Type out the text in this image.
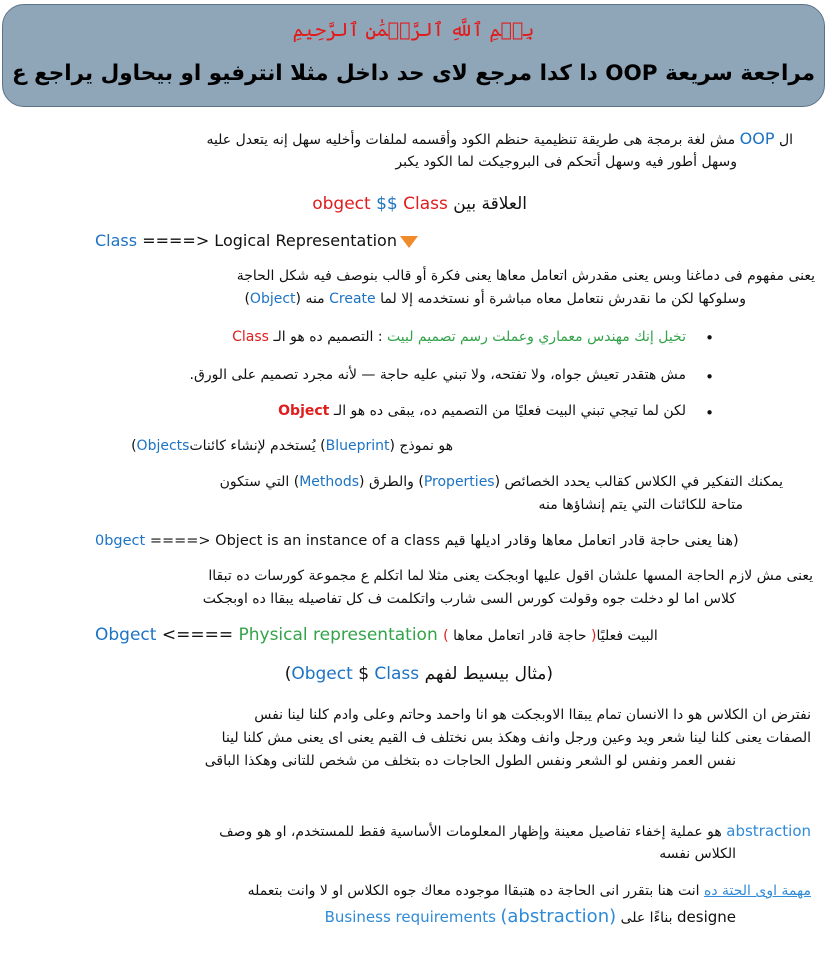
بِسۡمِ ٱللَّهِ ٱلرَّحۡمَٰنِ ٱلرَّحِيمِ
دا كدا مرجع لاى حد داخل مثلا انترفيو او بيحاول يراجع ع OOP مراجعة سريعة
ال OOP مش لغة برمجة هى طريقة تنظيمية حنظم الكود وأقسمه لملفات وأخليه سهل إنه يتعدل عليه
وسهل أطور فيه وسهل أتحكم فى البروجيكت لما الكود يكبر
العلاقة بين obgect $$ Class
Class ====> Logical Representation
يعنى مفهوم فى دماغنا وبس يعنى مقدرش اتعامل معاها يعنى فكرة أو قالب بنوصف فيه شكل الحاجة
وسلوكها لكن ما نقدرش نتعامل معاه مباشرة أو نستخدمه إلا لما Create منه (Object)
•
تخيل إنك مهندس معماري وعملت رسم تصميم لبيت : التصميم ده هو الـ Class
•
مش هتقدر تعيش جواه، ولا تفتحه، ولا تبني عليه حاجة — لأنه مجرد تصميم على الورق.
•
لكن لما تيجي تبني البيت فعليًا من التصميم ده، يبقى ده هو الـ Object
هو نموذج (Blueprint) يُستخدم لإنشاء كائناتObjects)
يمكنك التفكير في الكلاس كقالب يحدد الخصائص (Properties) والطرق (Methods) التي ستكون
متاحة للكائنات التي يتم إنشاؤها منه
0bgect ====> Object is an instance of a class (هنا يعنى حاجة قادر اتعامل معاها وقادر اديلها قيم
يعنى مش لازم الحاجة المسها علشان اقول عليها اوبجكت يعنى مثلا لما اتكلم ع مجموعة كورسات ده تبقاا
كلاس اما لو دخلت جوه وقولت كورس السى شارب واتكلمت ف كل تفاصيله يبقاا ده اوبجكت
Obgect <==== Physical representation	البيت فعليًا( حاجة قادر اتعامل معاها )
(مثال بيسيط لفهم Obgect $ Class)
نفترض ان الكلاس هو دا الانسان تمام يبقاا الاوبجكت هو انا واحمد وحاتم وعلى وادم كلنا لينا نفس
الصفات يعنى كلنا لينا شعر ويد وعين ورجل وانف وهكذ بس نختلف ف القيم يعنى اى يعنى مش كلنا لينا
نفس العمر ونفس لو الشعر ونفس الطول الحاجات ده بتخلف من شخص للتانى وهكذا الباقى
abstraction هو عملية إخفاء تفاصيل معينة وإظهار المعلومات الأساسية فقط للمستخدم، او هو وصف
الكلاس نفسه
مهمة اوى الحتة ده انت هنا بتقرر انى الحاجة ده هتبقاا موجوده معاك جوه الكلاس او لا وانت بتعمله
designe بناءًا على Business requirements (abstraction)
